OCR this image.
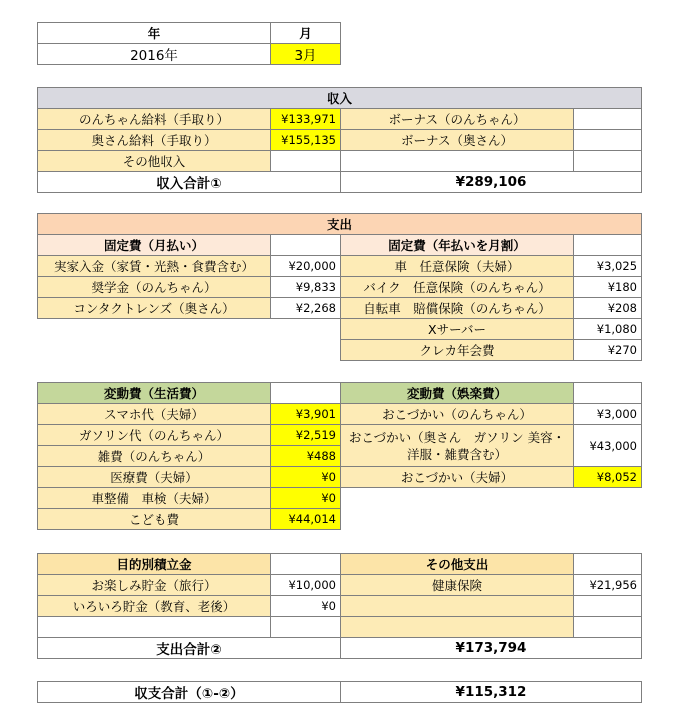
年	月
2016年	3月
収入			
のんちゃん給料（手取り）	¥133,971	ボーナス（のんちゃん）	
奥さん給料（手取り）	¥155,135	ボーナス（奥さん）	
その他収入			
収入合計①		¥289,106	
支出			
固定費（月払い）		固定費（年払いを月割）	
実家入金（家賃・光熱・食費含む）	¥20,000	車　任意保険（夫婦）	¥3,025
奨学金（のんちゃん）	¥9,833	バイク　任意保険（のんちゃん）	¥180
コンタクトレンズ（奥さん）	¥2,268	自転車　賠償保険（のんちゃん）	¥208
		Xサーバー	¥1,080
		クレカ年会費	¥270
変動費（生活費）		変動費（娯楽費）	
スマホ代（夫婦）	¥3,901	おこづかい（のんちゃん）	¥3,000
ガソリン代（のんちゃん）	¥2,519	おこづかい（奥さん　ガソリン 美容・洋服・雑費含む）	¥43,000
雑費（のんちゃん）	¥488		
医療費（夫婦）	¥0	おこづかい（夫婦）	¥8,052
車整備　車検（夫婦）	¥0		
こども費	¥44,014		
目的別積立金		その他支出	
お楽しみ貯金（旅行）	¥10,000	健康保険	¥21,956
いろいろ貯金（教育、老後）	¥0		

支出合計②		¥173,794	
収支合計（①-②）	¥115,312
